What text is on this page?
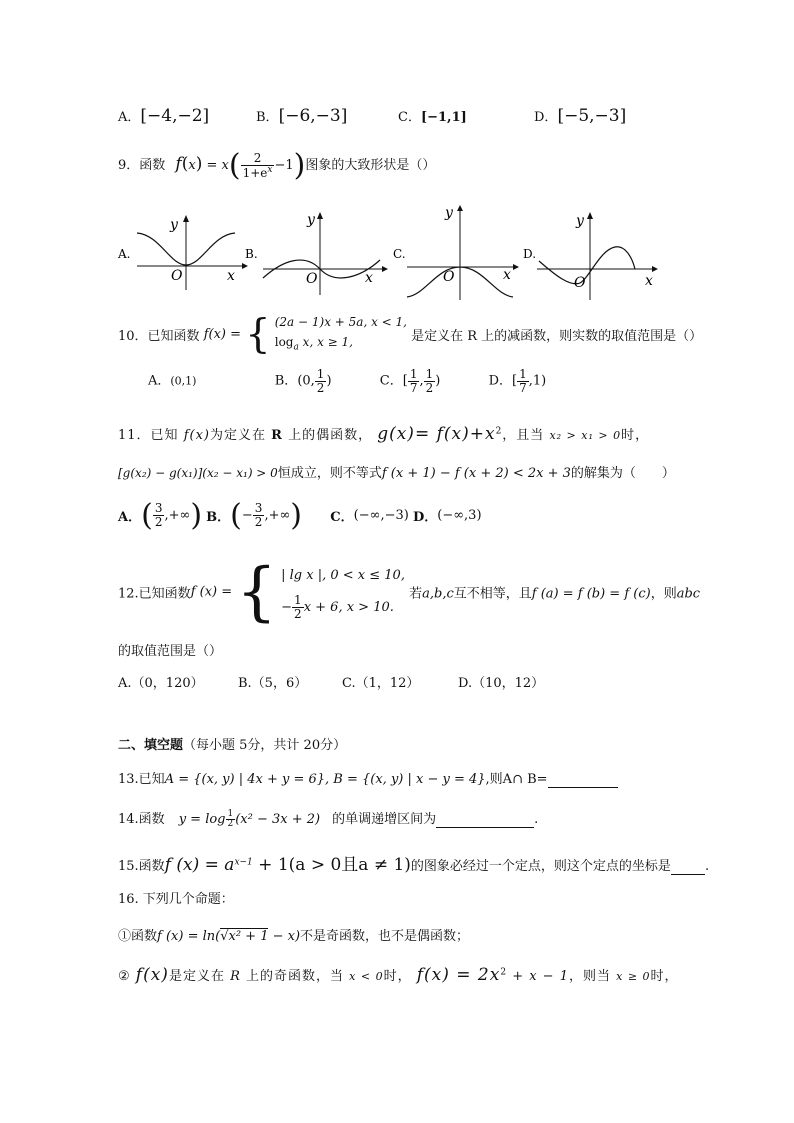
A．[−4,−2]	B．[−6,−3]	C．[−1,1]	D．[−5,−3]
9．函数 $f(x) = x( \frac{2}{1+e^x} -1)$图象的大致形状是（）
A.
y
x
O
B.
y
x
O
C.
y
x
O
D.
y
x
O
10．已知函数 f(x) = { (2a − 1)x + 5a, x < 1,
$\log_a x$, x ≥ 1,	是定义在 R 上的减函数，则实数的取值范围是（）
A．(0,1)	B．(0, $\frac{1}{2}$ )	C．[ $\frac{1}{7}$ , $\frac{1}{2}$ )	D．[ $\frac{1}{7} ,1$)
11．已知 f(x)为定义在 R 上的偶函数， $g(x)= f(x)+x^2$，且当 x₂ > x₁ > 0时，
[g(x₂) − g(x₁)](x₂ − x₁) > 0恒成立，则不等式f (x + 1) − f (x + 2) < 2x + 3的解集为（　　）
A．( $\frac{3}{2}$ ,+∞) B．(− $\frac{3}{2}$ ,+∞) C．(−∞,−3) D．(−∞,3)
12.已知函数f (x) = { | lg x |, 0 < x ≤ 10,
− $\frac{1}{2}$ x + 6, x > 10.
若a,b,c互不相等，且f (a) = f (b) = f (c)，则abc
的取值范围是（）
A.（0，120）	B.（5，6）	C.（1，12）	D.（10，12）
二、填空题（每小题 5分，共计 20分）
13.已知A = {(x, y) | 4x + y = 6}, B = {(x, y) | x − y = 4},则A∩ B=
14.函数 $y = \log \frac{1}{2} (x^2 - 3x + 2)$ 的单调递增区间为	.
15.函数f $(x) = a^{x-1} + 1(a > 0$且a ≠ 1)的图象必经过一个定点，则这个定点的坐标是	.
16. 下列几个命题：
①函数f (x) = ln(√x² + 1 − x)不是奇函数，也不是偶函数；
② f(x)是定义在 R 上的奇函数，当 x < 0时， $f(x) = 2x^2 + x - 1$，则当 x ≥ 0时，
